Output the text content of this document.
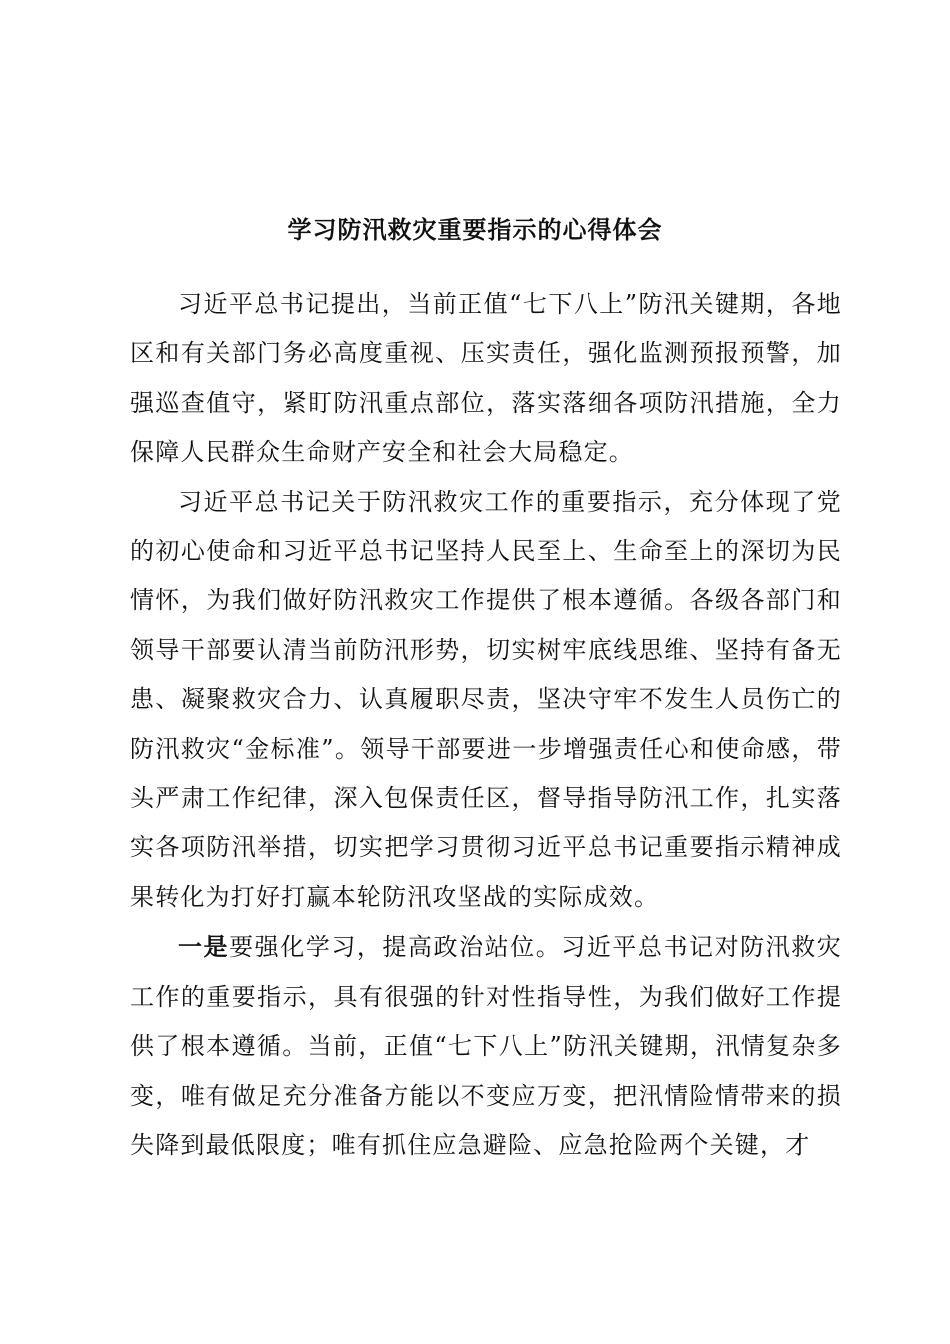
学习防汛救灾重要指示的心得体会

习近平总书记提出，当前正值“七下八上”防汛关键期，各地区和有关部门务必高度重视、压实责任，强化监测预报预警，加强巡查值守，紧盯防汛重点部位，落实落细各项防汛措施，全力保障人民群众生命财产安全和社会大局稳定。

习近平总书记关于防汛救灾工作的重要指示，充分体现了党的初心使命和习近平总书记坚持人民至上、生命至上的深切为民情怀，为我们做好防汛救灾工作提供了根本遵循。各级各部门和领导干部要认清当前防汛形势，切实树牢底线思维、坚持有备无患、凝聚救灾合力、认真履职尽责，坚决守牢不发生人员伤亡的防汛救灾“金标准”。领导干部要进一步增强责任心和使命感，带头严肃工作纪律，深入包保责任区，督导指导防汛工作，扎实落实各项防汛举措，切实把学习贯彻习近平总书记重要指示精神成果转化为打好打赢本轮防汛攻坚战的实际成效。

一是要强化学习，提高政治站位。习近平总书记对防汛救灾工作的重要指示，具有很强的针对性指导性，为我们做好工作提供了根本遵循。当前，正值“七下八上”防汛关键期，汛情复杂多变，唯有做足充分准备方能以不变应万变，把汛情险情带来的损失降到最低限度；唯有抓住应急避险、应急抢险两个关键，才
